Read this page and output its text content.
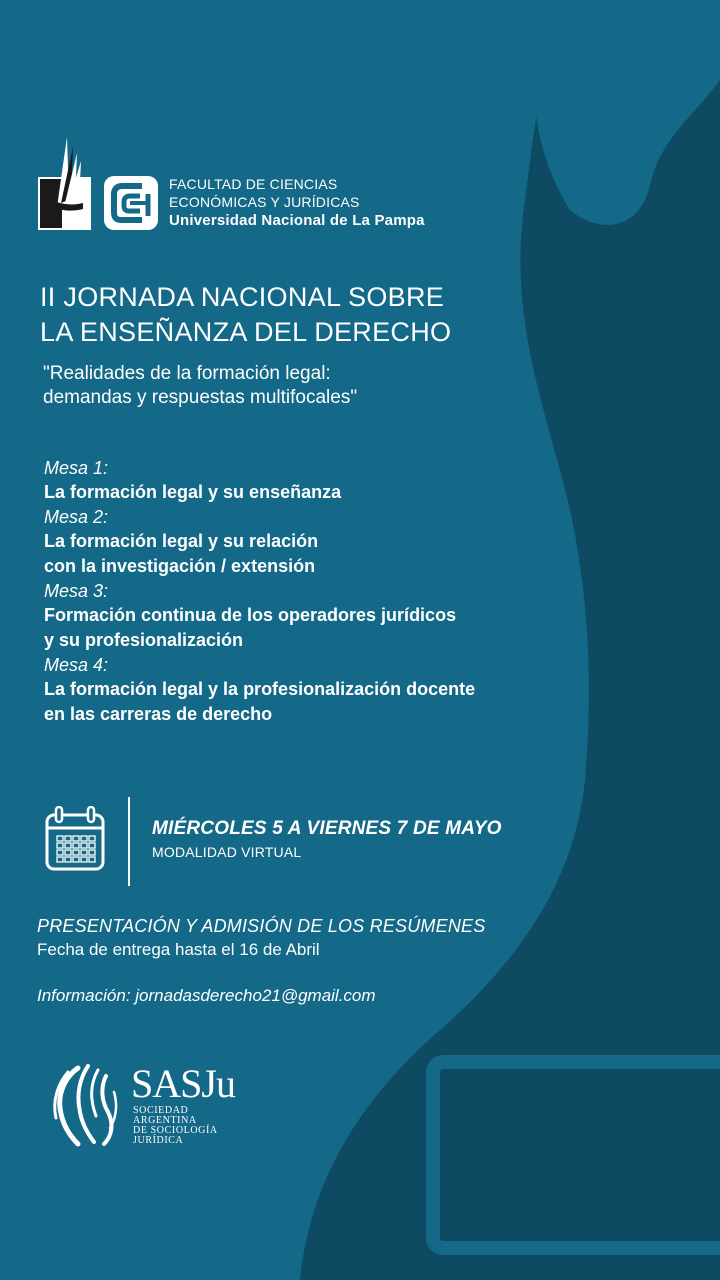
FACULTAD DE CIENCIAS
ECONÓMICAS Y JURÍDICAS
Universidad Nacional de La Pampa
II JORNADA NACIONAL SOBRE
LA ENSEÑANZA DEL DERECHO
"Realidades de la formación legal:
demandas y respuestas multifocales"

Mesa 1:

La formación legal y su enseñanza

Mesa 2:

La formación legal y su relación
con la investigación / extensión

Mesa 3:

Formación continua de los operadores jurídicos
y su profesionalización

Mesa 4:

La formación legal y la profesionalización docente
en las carreras de derecho

MIÉRCOLES 5 A VIERNES 7 DE MAYO
MODALIDAD VIRTUAL
PRESENTACIÓN Y ADMISIÓN DE LOS RESÚMENES
Fecha de entrega hasta el 16 de Abril
Información: jornadasderecho21@gmail.com
SASJu
SOCIEDAD
ARGENTINA
DE SOCIOLOGÍA
JURÍDICA
